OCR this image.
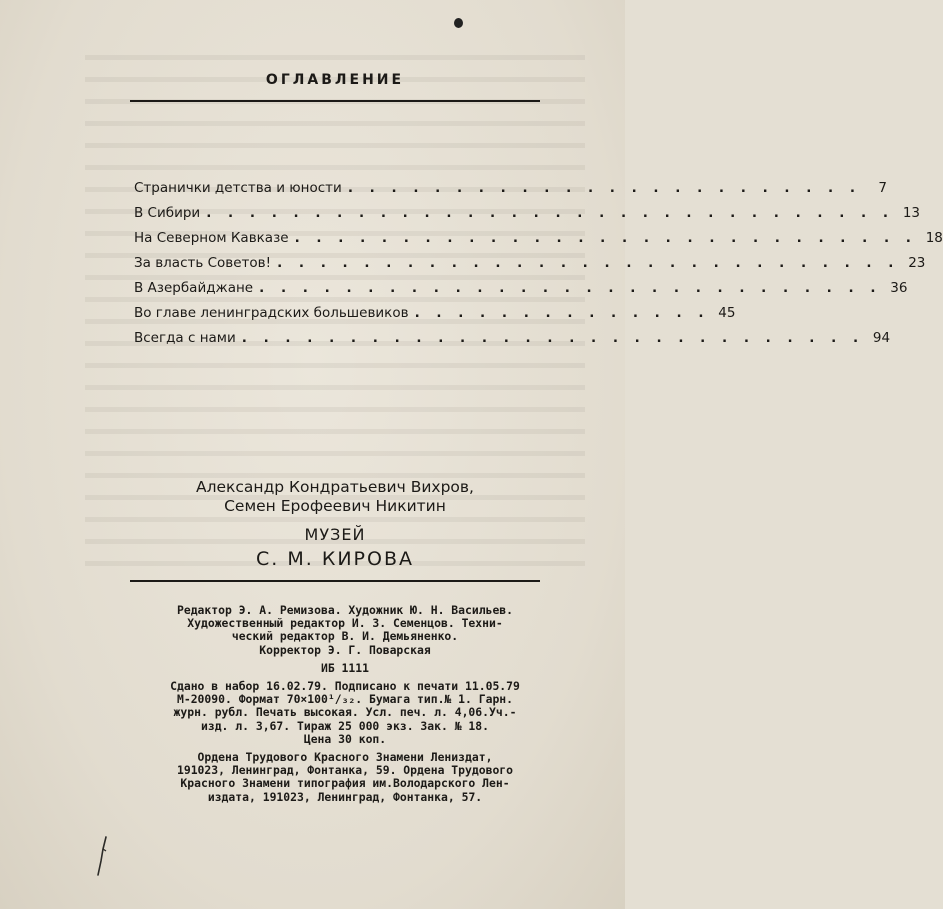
ОГЛАВЛЕНИЕ
Странички детства и юности . . . . . . . . . . . . . . . . . . . . . . . .	7
В Сибири . . . . . . . . . . . . . . . . . . . . . . . . . . . . . . . . 13
На Северном Кавказе . . . . . . . . . . . . . . . . . . . . . . . . . . . . . 18
За власть Советов! . . . . . . . . . . . . . . . . . . . . . . . . . . . . . 23
В Азербайджане . . . . . . . . . . . . . . . . . . . . . . . . . . . . . 36
Во главе ленинградских большевиков . . . . . . . . . . . . . . 45
Всегда с нами . . . . . . . . . . . . . . . . . . . . . . . . . . . . . 94
Александр Кондратьевич Вихров,
Семен Ерофеевич Никитин
МУЗЕЙ
С. М. КИРОВА
Редактор Э. А. Ремизова. Художник Ю. Н. Васильев.
Художественный редактор И. З. Семенцов. Техни-
ческий редактор В. И. Демьяненко.
Корректор Э. Г. Поварская
ИБ 1111
Сдано в набор 16.02.79. Подписано к печати 11.05.79
М-20090. Формат 70×100¹/₃₂. Бумага тип.№ 1. Гарн.
журн. рубл. Печать высокая. Усл. печ. л. 4,06.Уч.-
изд. л. 3,67. Тираж 25 000 экз. Зак. № 18.
Цена 30 коп.
Ордена Трудового Красного Знамени Лениздат,
191023, Ленинград, Фонтанка, 59. Ордена Трудового
Красного Знамени типография им.Володарского Лен-
издата, 191023, Ленинград, Фонтанка, 57.
